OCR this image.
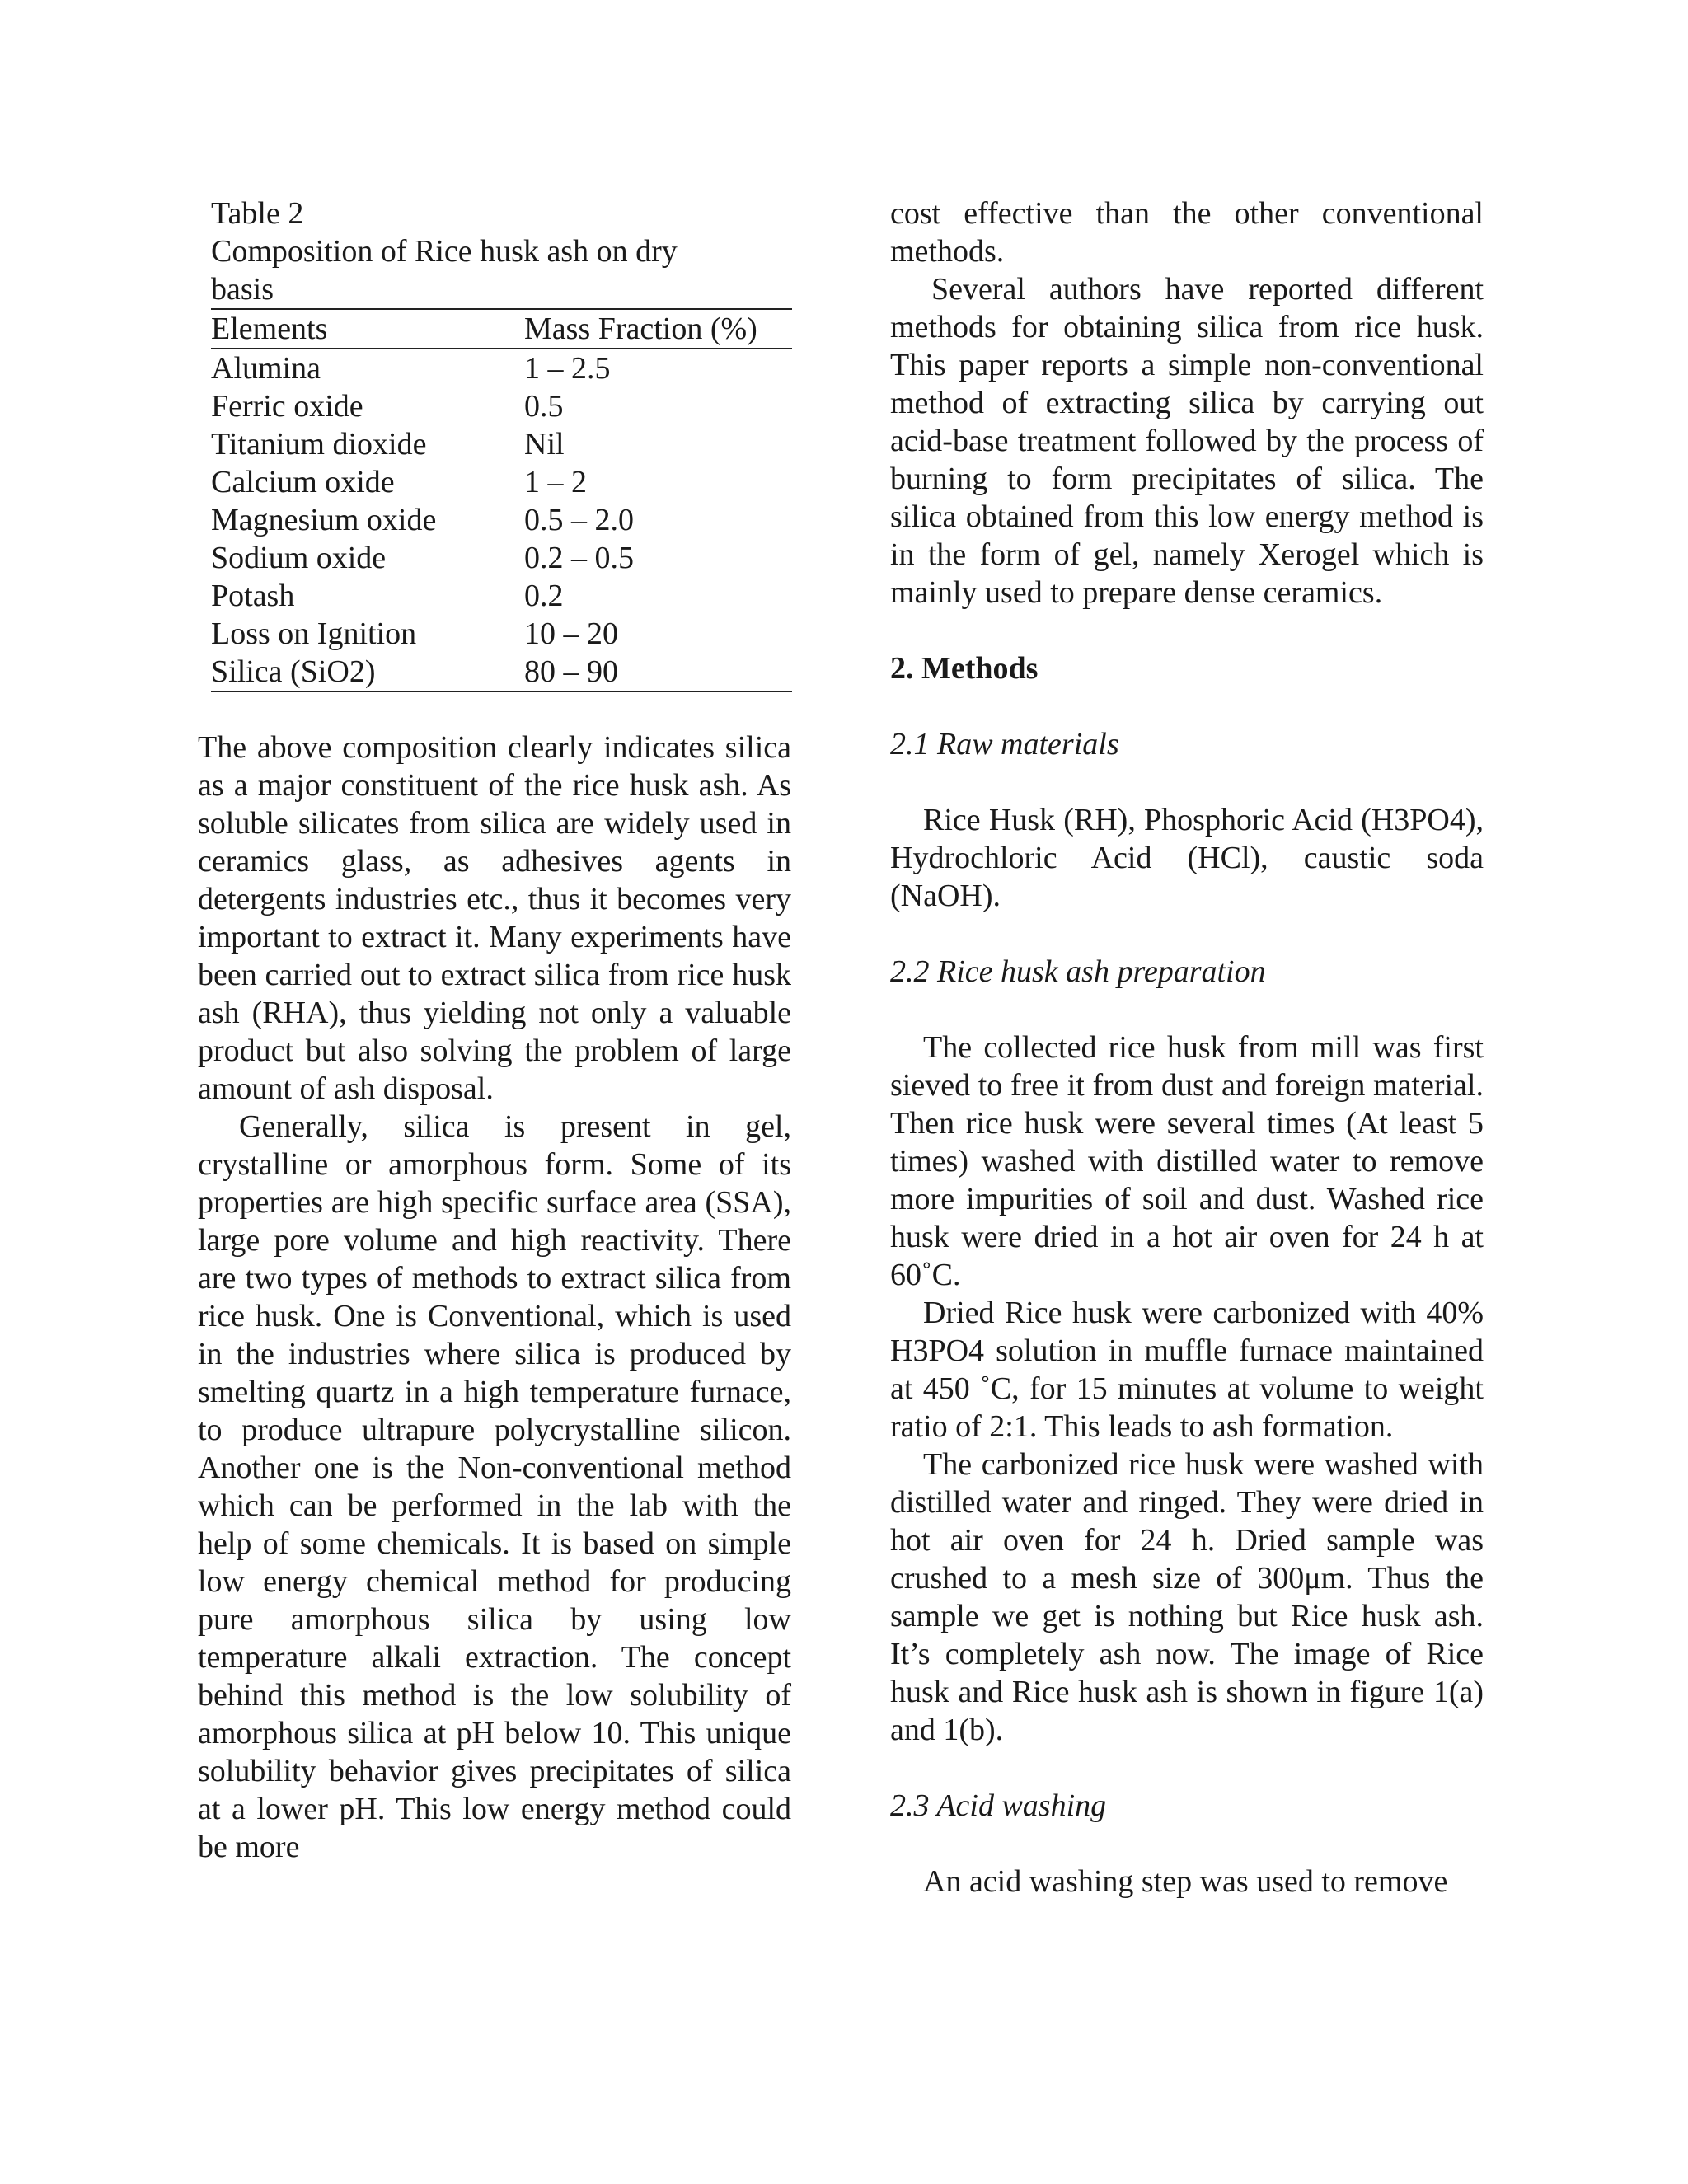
Table 2
Composition of Rice husk ash on dry basis
Elements	Mass Fraction (%)
Alumina	1 – 2.5
Ferric oxide	0.5
Titanium dioxide	Nil
Calcium oxide	1 – 2
Magnesium oxide	0.5 – 2.0
Sodium oxide	0.2 – 0.5
Potash	0.2
Loss on Ignition	10 – 20
Silica (SiO2)	80 – 90

The above composition clearly indicates silica as a major constituent of the rice husk ash. As soluble silicates from silica are widely used in ceramics glass, as adhesives agents in detergents industries etc., thus it becomes very important to extract it. Many experiments have been carried out to extract silica from rice husk ash (RHA), thus yielding not only a valuable product but also solving the problem of large amount of ash disposal.

Generally, silica is present in gel, crystalline or amorphous form. Some of its properties are high specific surface area (SSA), large pore volume and high reactivity. There are two types of methods to extract silica from rice husk. One is Conventional, which is used in the industries where silica is produced by smelting quartz in a high temperature furnace, to produce ultrapure polycrystalline silicon. Another one is the Non-conventional method which can be performed in the lab with the help of some chemicals. It is based on simple low energy chemical method for producing pure amorphous silica by using low temperature alkali extraction. The concept behind this method is the low solubility of amorphous silica at pH below 10. This unique solubility behavior gives precipitates of silica at a lower pH. This low energy method could be more

cost effective than the other conventional methods.

Several authors have reported different methods for obtaining silica from rice husk. This paper reports a simple non-conventional method of extracting silica by carrying out acid-base treatment followed by the process of burning to form precipitates of silica. The silica obtained from this low energy method is in the form of gel, namely Xerogel which is mainly used to prepare dense ceramics.

2. Methods
2.1 Raw materials

Rice Husk (RH), Phosphoric Acid (H3PO4), Hydrochloric Acid (HCl), caustic soda (NaOH).

2.2 Rice husk ash preparation

The collected rice husk from mill was first sieved to free it from dust and foreign material. Then rice husk were several times (At least 5 times) washed with distilled water to remove more impurities of soil and dust. Washed rice husk were dried in a hot air oven for 24 h at 60˚C.

Dried Rice husk were carbonized with 40% H3PO4 solution in muffle furnace maintained at 450 ˚C, for 15 minutes at volume to weight ratio of 2:1. This leads to ash formation.

The carbonized rice husk were washed with distilled water and ringed. They were dried in hot air oven for 24 h. Dried sample was crushed to a mesh size of 300μm. Thus the sample we get is nothing but Rice husk ash. It’s completely ash now. The image of Rice husk and Rice husk ash is shown in figure 1(a) and 1(b).

2.3 Acid washing

An acid washing step was used to remove
